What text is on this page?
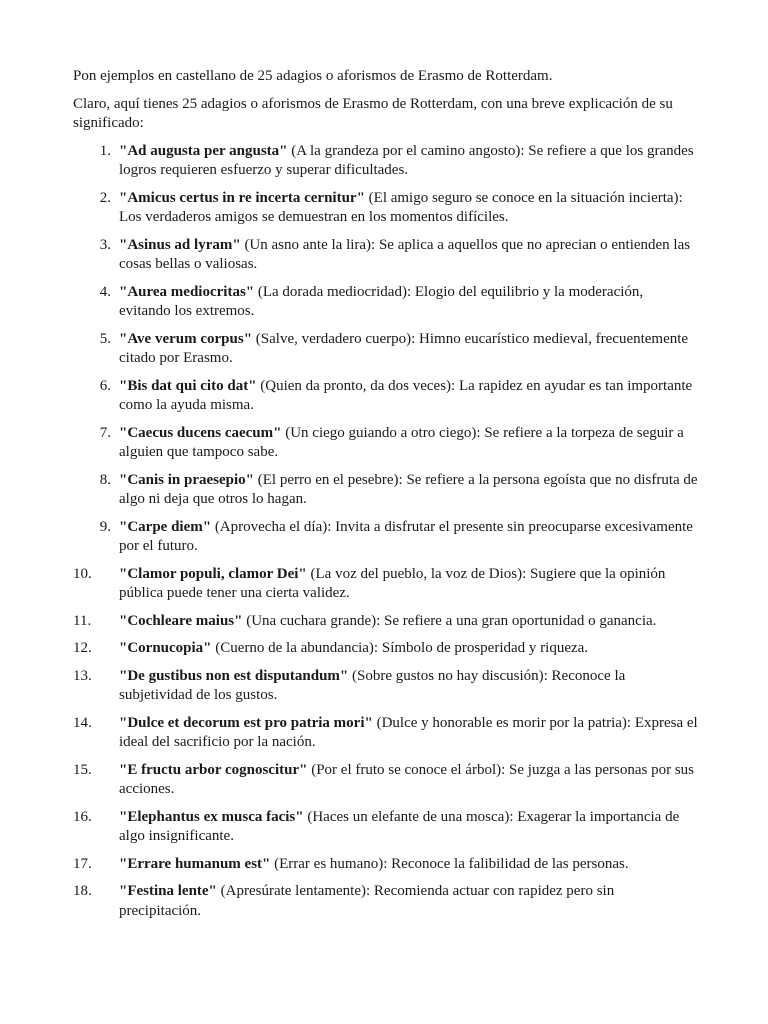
Pon ejemplos en castellano de 25 adagios o aforismos de Erasmo de Rotterdam.

Claro, aquí tienes 25 adagios o aforismos de Erasmo de Rotterdam, con una breve explicación de su significado:

1. "Ad augusta per angusta" (A la grandeza por el camino angosto): Se refiere a que los grandes logros requieren esfuerzo y superar dificultades.
2. "Amicus certus in re incerta cernitur" (El amigo seguro se conoce en la situación incierta): Los verdaderos amigos se demuestran en los momentos difíciles.
3. "Asinus ad lyram" (Un asno ante la lira): Se aplica a aquellos que no aprecian o entienden las cosas bellas o valiosas.
4. "Aurea mediocritas" (La dorada mediocridad): Elogio del equilibrio y la moderación, evitando los extremos.
5. "Ave verum corpus" (Salve, verdadero cuerpo): Himno eucarístico medieval, frecuentemente citado por Erasmo.
6. "Bis dat qui cito dat" (Quien da pronto, da dos veces): La rapidez en ayudar es tan importante como la ayuda misma.
7. "Caecus ducens caecum" (Un ciego guiando a otro ciego): Se refiere a la torpeza de seguir a alguien que tampoco sabe.
8. "Canis in praesepio" (El perro en el pesebre): Se refiere a la persona egoísta que no disfruta de algo ni deja que otros lo hagan.
9. "Carpe diem" (Aprovecha el día): Invita a disfrutar el presente sin preocuparse excesivamente por el futuro.
10.	"Clamor populi, clamor Dei" (La voz del pueblo, la voz de Dios): Sugiere que la opinión pública puede tener una cierta validez.
11.	"Cochleare maius" (Una cuchara grande): Se refiere a una gran oportunidad o ganancia.
12.	"Cornucopia" (Cuerno de la abundancia): Símbolo de prosperidad y riqueza.
13.	"De gustibus non est disputandum" (Sobre gustos no hay discusión): Reconoce la subjetividad de los gustos.
14.	"Dulce et decorum est pro patria mori" (Dulce y honorable es morir por la patria): Expresa el ideal del sacrificio por la nación.
15.	"E fructu arbor cognoscitur" (Por el fruto se conoce el árbol): Se juzga a las personas por sus acciones.
16.	"Elephantus ex musca facis" (Haces un elefante de una mosca): Exagerar la importancia de algo insignificante.
17.	"Errare humanum est" (Errar es humano): Reconoce la falibilidad de las personas.
18.	"Festina lente" (Apresúrate lentamente): Recomienda actuar con rapidez pero sin precipitación.
